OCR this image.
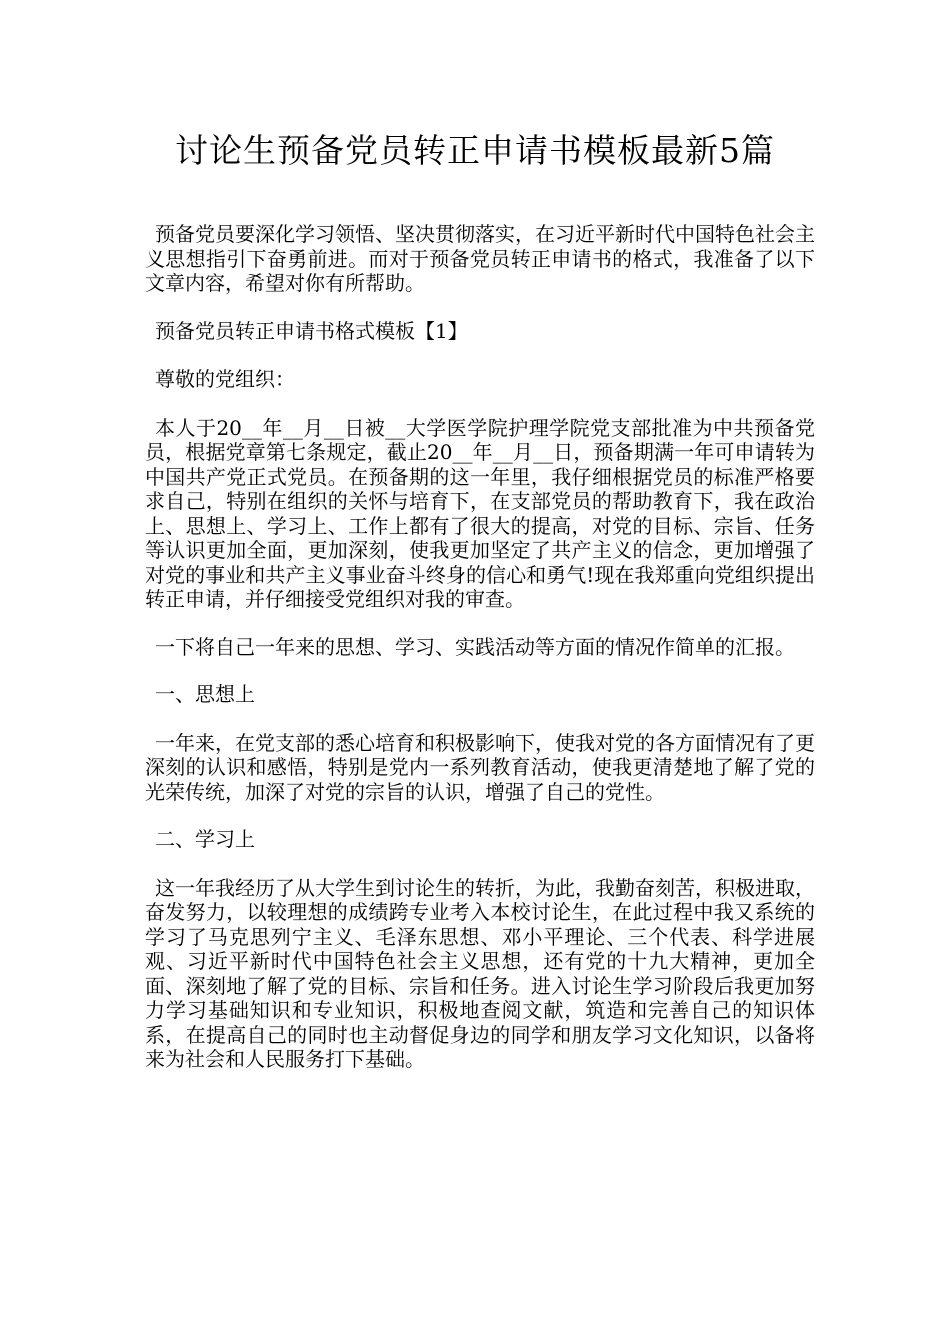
讨论生预备党员转正申请书模板最新5篇

预备党员要深化学习领悟、坚决贯彻落实，在习近平新时代中国特色社会主义思想指引下奋勇前进。而对于预备党员转正申请书的格式，我准备了以下文章内容，希望对你有所帮助。

预备党员转正申请书格式模板【1】

尊敬的党组织：

本人于20__年__月__日被__大学医学院护理学院党支部批准为中共预备党员，根据党章第七条规定，截止20__年__月__日，预备期满一年可申请转为中国共产党正式党员。在预备期的这一年里，我仔细根据党员的标准严格要求自己，特别在组织的关怀与培育下，在支部党员的帮助教育下，我在政治上、思想上、学习上、工作上都有了很大的提高，对党的目标、宗旨、任务等认识更加全面，更加深刻，使我更加坚定了共产主义的信念，更加增强了对党的事业和共产主义事业奋斗终身的信心和勇气!现在我郑重向党组织提出转正申请，并仔细接受党组织对我的审查。

一下将自己一年来的思想、学习、实践活动等方面的情况作简单的汇报。

一、思想上

一年来，在党支部的悉心培育和积极影响下，使我对党的各方面情况有了更深刻的认识和感悟，特别是党内一系列教育活动，使我更清楚地了解了党的光荣传统，加深了对党的宗旨的认识，增强了自己的党性。

二、学习上

这一年我经历了从大学生到讨论生的转折，为此，我勤奋刻苦，积极进取，奋发努力，以较理想的成绩跨专业考入本校讨论生，在此过程中我又系统的学习了马克思列宁主义、毛泽东思想、邓小平理论、三个代表、科学进展观、习近平新时代中国特色社会主义思想，还有党的十九大精神，更加全面、深刻地了解了党的目标、宗旨和任务。进入讨论生学习阶段后我更加努力学习基础知识和专业知识，积极地查阅文献，筑造和完善自己的知识体系，在提高自己的同时也主动督促身边的同学和朋友学习文化知识，以备将来为社会和人民服务打下基础。
